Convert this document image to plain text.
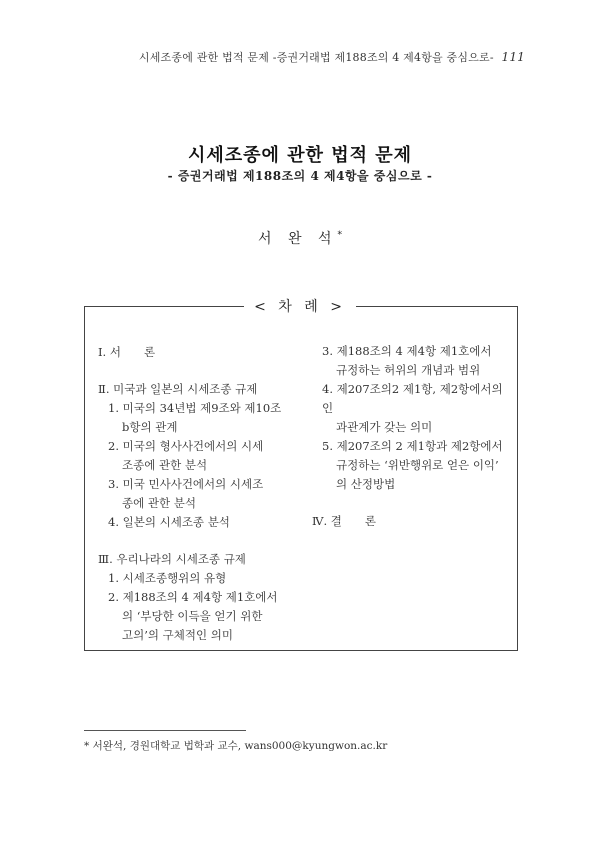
시세조종에 관한 법적 문제 -증권거래법 제188조의 4 제4항을 중심으로- 111
시세조종에 관한 법적 문제
- 증권거래법 제188조의 4 제4항을 중심으로 -
서 완 석*
< 차 례 >
Ⅰ. 서　　론
Ⅱ. 미국과 일본의 시세조종 규제
1. 미국의 34년법 제9조와 제10조
b항의 관계
2. 미국의 형사사건에서의 시세
조종에 관한 분석
3. 미국 민사사건에서의 시세조
종에 관한 분석
4. 일본의 시세조종 분석
Ⅲ. 우리나라의 시세조종 규제
1. 시세조종행위의 유형
2. 제188조의 4 제4항 제1호에서
의 ‘부당한 이득을 얻기 위한
고의’의 구체적인 의미
3. 제188조의 4 제4항 제1호에서
규정하는 허위의 개념과 범위
4. 제207조의2 제1항, 제2항에서의 인
과관계가 갖는 의미
5. 제207조의 2 제1항과 제2항에서
규정하는 ‘위반행위로 얻은 이익’
의 산정방법
Ⅳ. 결　　론
* 서완석, 경원대학교 법학과 교수, wans000@kyungwon.ac.kr
